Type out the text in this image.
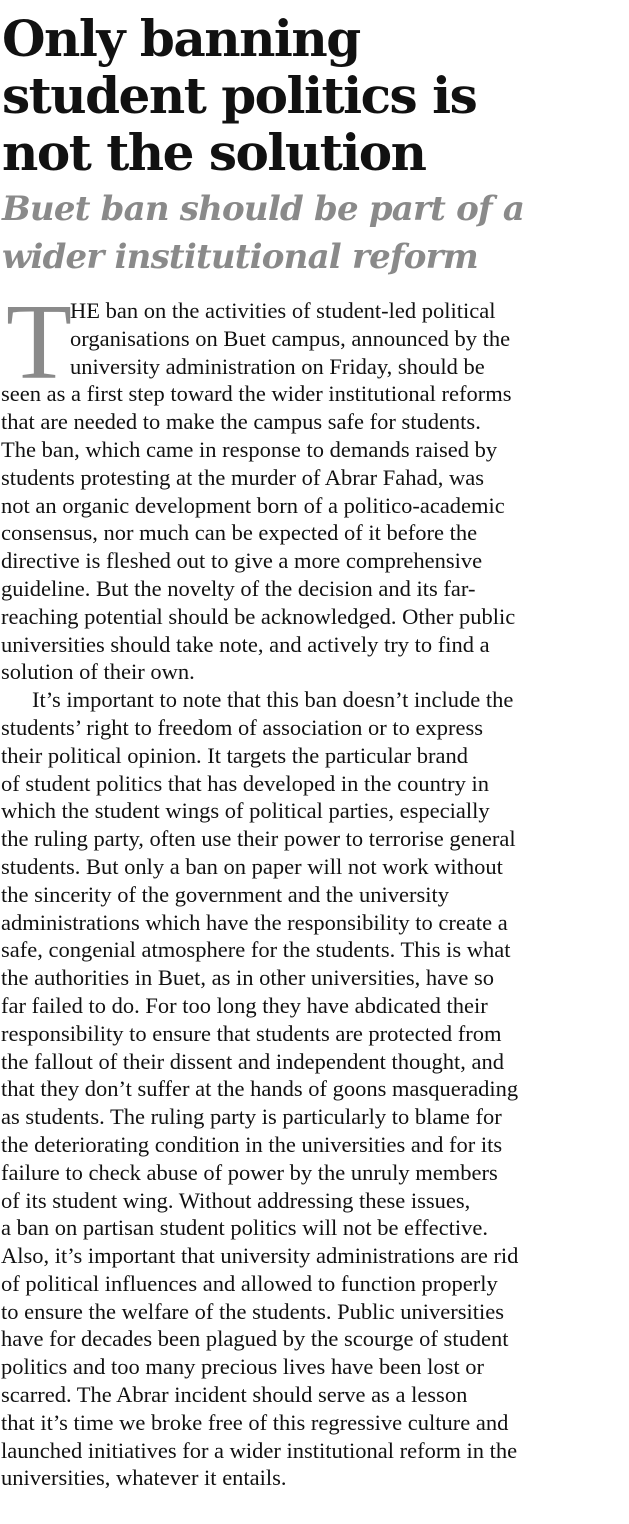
Only banning
student politics is
not the solution
Buet ban should be part of a
wider institutional reform
T
HE ban on the activities of student-led political
organisations on Buet campus, announced by the
university administration on Friday, should be
seen as a first step toward the wider institutional reforms
that are needed to make the campus safe for students.
The ban, which came in response to demands raised by
students protesting at the murder of Abrar Fahad, was
not an organic development born of a politico-academic
consensus, nor much can be expected of it before the
directive is fleshed out to give a more comprehensive
guideline. But the novelty of the decision and its far-
reaching potential should be acknowledged. Other public
universities should take note, and actively try to find a
solution of their own.
It’s important to note that this ban doesn’t include the
students’ right to freedom of association or to express
their political opinion. It targets the particular brand
of student politics that has developed in the country in
which the student wings of political parties, especially
the ruling party, often use their power to terrorise general
students. But only a ban on paper will not work without
the sincerity of the government and the university
administrations which have the responsibility to create a
safe, congenial atmosphere for the students. This is what
the authorities in Buet, as in other universities, have so
far failed to do. For too long they have abdicated their
responsibility to ensure that students are protected from
the fallout of their dissent and independent thought, and
that they don’t suffer at the hands of goons masquerading
as students. The ruling party is particularly to blame for
the deteriorating condition in the universities and for its
failure to check abuse of power by the unruly members
of its student wing. Without addressing these issues,
a ban on partisan student politics will not be effective.
Also, it’s important that university administrations are rid
of political influences and allowed to function properly
to ensure the welfare of the students. Public universities
have for decades been plagued by the scourge of student
politics and too many precious lives have been lost or
scarred. The Abrar incident should serve as a lesson
that it’s time we broke free of this regressive culture and
launched initiatives for a wider institutional reform in the
universities, whatever it entails.
